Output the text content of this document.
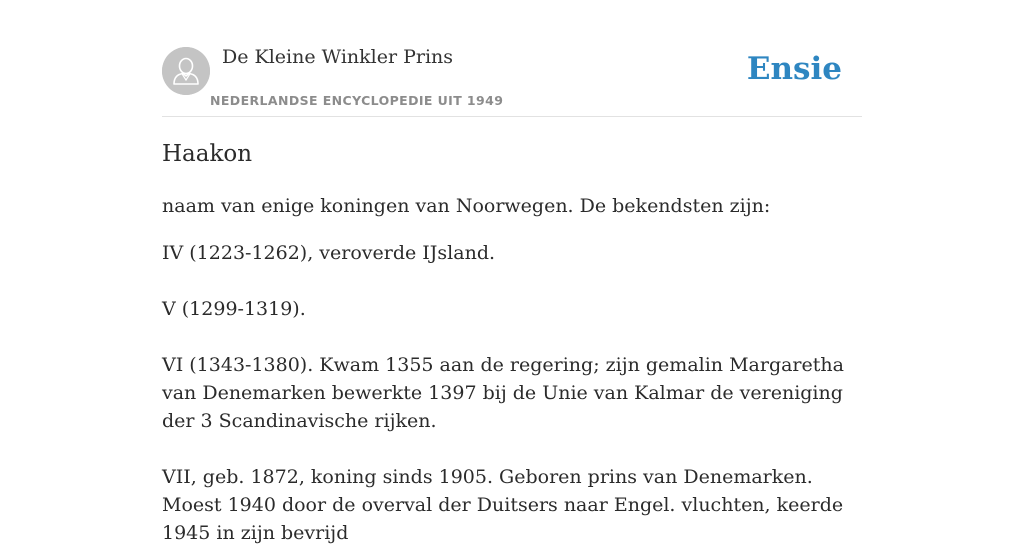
De Kleine Winkler Prins
NEDERLANDSE ENCYCLOPEDIE UIT 1949
Ensie
Haakon

naam van enige koningen van Noorwegen. De bekendsten zijn:

IV (1223-1262), veroverde IJsland.

V (1299-1319).

VI (1343-1380). Kwam 1355 aan de regering; zijn gemalin Margaretha van Denemarken bewerkte 1397 bij de Unie van Kalmar de vereniging der 3 Scandinavische rijken.

VII, geb. 1872, koning sinds 1905. Geboren prins van Denemarken. Moest 1940 door de overval der Duitsers naar Engel. vluchten, keerde 1945 in zijn bevrijd
